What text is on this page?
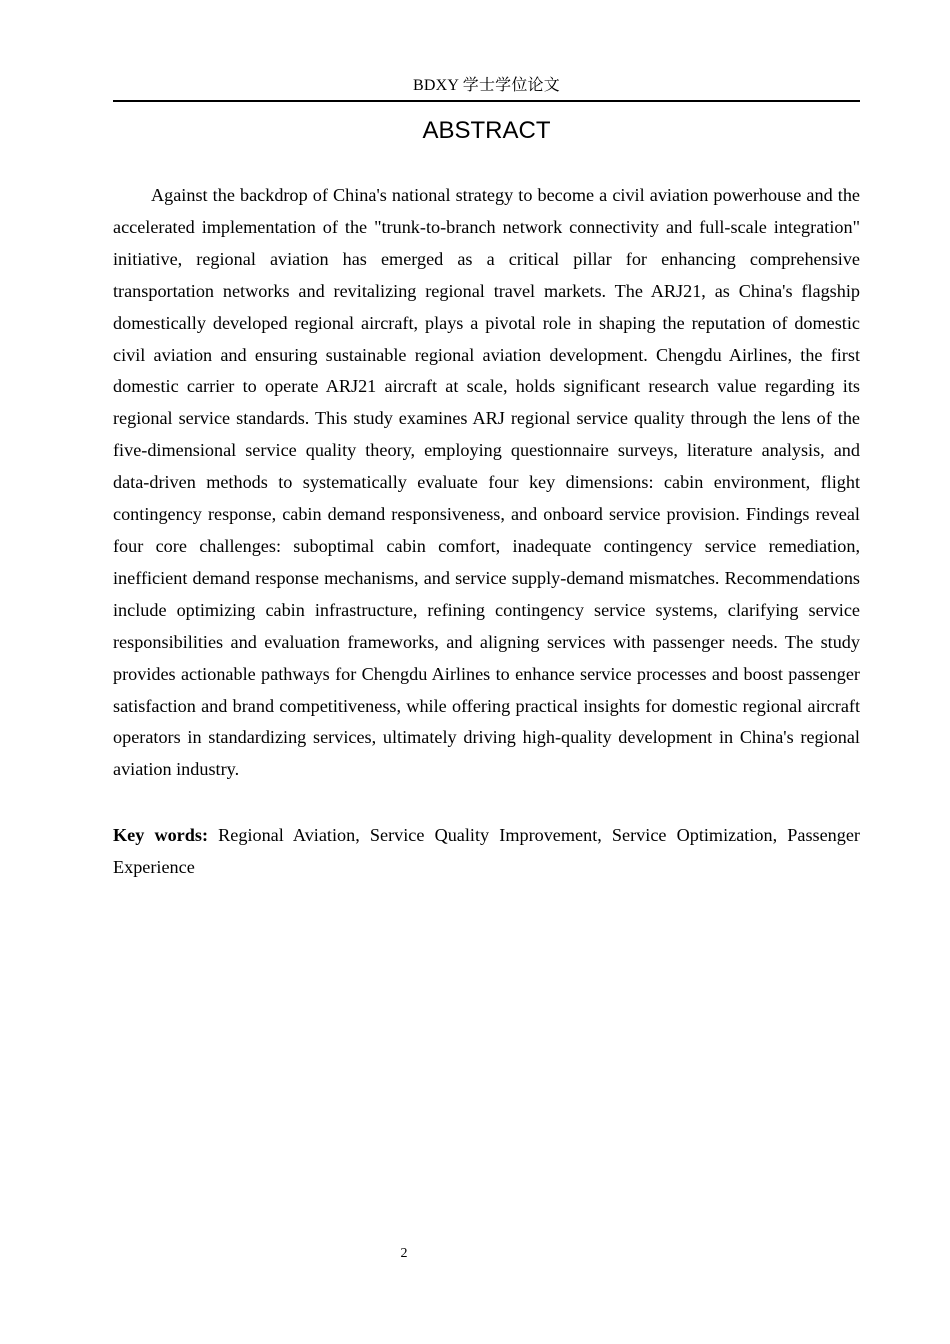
BDXY 学士学位论文
ABSTRACT

Against the backdrop of China's national strategy to become a civil aviation powerhouse and the accelerated implementation of the "trunk-to-branch network connectivity and full-scale integration" initiative, regional aviation has emerged as a critical pillar for enhancing comprehensive transportation networks and revitalizing regional travel markets. The ARJ21, as China's flagship domestically developed regional aircraft, plays a pivotal role in shaping the reputation of domestic civil aviation and ensuring sustainable regional aviation development. Chengdu Airlines, the first domestic carrier to operate ARJ21 aircraft at scale, holds significant research value regarding its regional service standards. This study examines ARJ regional service quality through the lens of the five-dimensional service quality theory, employing questionnaire surveys, literature analysis, and data-driven methods to systematically evaluate four key dimensions: cabin environment, flight contingency response, cabin demand responsiveness, and onboard service provision. Findings reveal four core challenges: suboptimal cabin comfort, inadequate contingency service remediation, inefficient demand response mechanisms, and service supply-demand mismatches. Recommendations include optimizing cabin infrastructure, refining contingency service systems, clarifying service responsibilities and evaluation frameworks, and aligning services with passenger needs. The study provides actionable pathways for Chengdu Airlines to enhance service processes and boost passenger satisfaction and brand competitiveness, while offering practical insights for domestic regional aircraft operators in standardizing services, ultimately driving high-quality development in China's regional aviation industry.

Key words: Regional Aviation, Service Quality Improvement, Service Optimization, Passenger Experience

2
